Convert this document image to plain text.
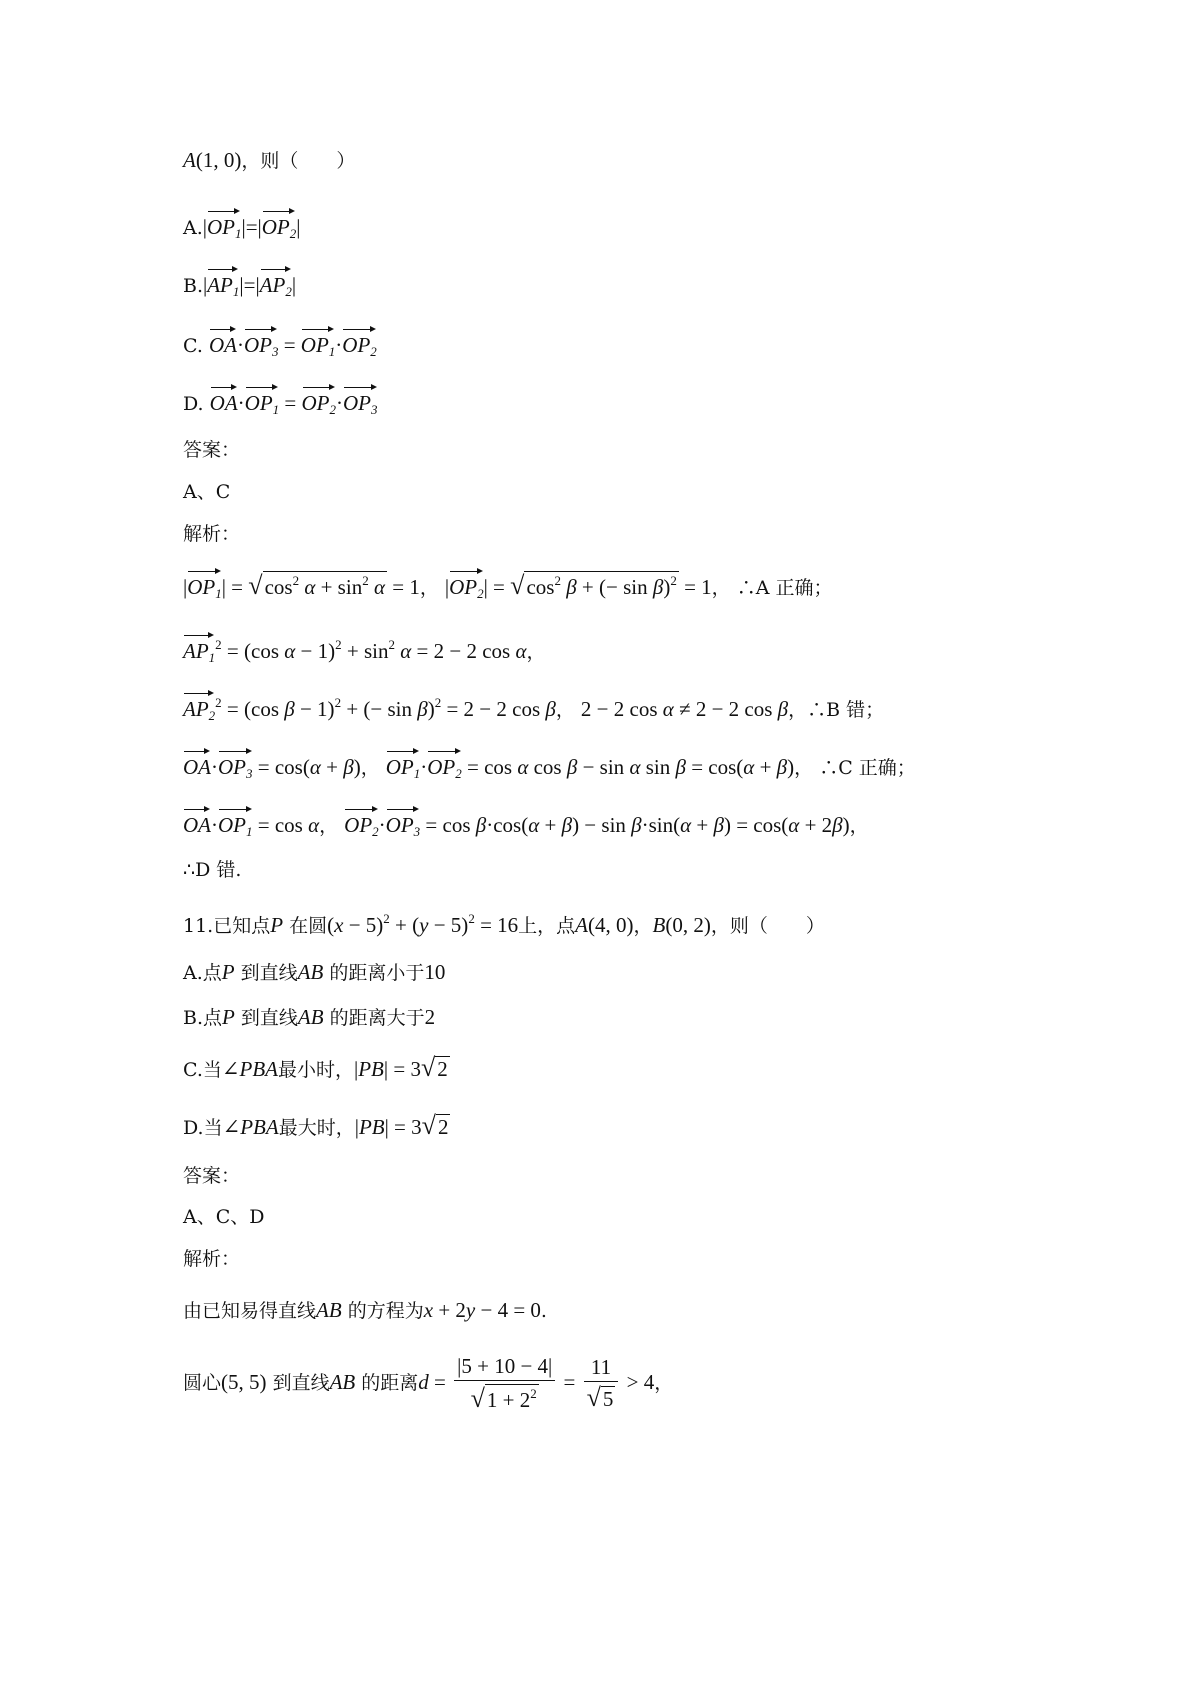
A(1, 0)，则（　　）
$A.|OP_1|=|OP_2|$
$B.|AP_1|=|AP_2|$
C. $OA\cdot OP_3 = OP_1\cdot OP_2$
D. $OA\cdot OP_1 = OP_2\cdot OP_3$
答案：
A、C
解析：
$|OP_1| = √\cos^2$ $\alpha + \sin^2 \alpha = 1$， $|OP_2| = √\cos^2$ β + (− sin β)$^2$ = 1， ∴A 正确；
$AP_1^2 = (\cos$ $\alpha - 1)^2 + \sin^2 \alpha = 2 - 2$ cos α，
$AP_2^2 = (\cos$ β − 1)$^2$ + (− sin β)$^2$ = 2 − 2 cos β， 2 − 2 cos α ≠ 2 − 2 cos β，∴B 错；
$OA\cdot OP_3 = \cos(\alpha + \beta)$， $OP_1\cdot OP_2 = \cos \alpha$ cos β − sin α sin β = cos(α + β)， ∴C 正确；
$OA\cdot OP_1 = \cos \alpha$， $OP_2\cdot OP_3 = \cos \beta\cdot\cos(\alpha + \beta) - \sin \beta\cdot\sin(\alpha + \beta) = \cos(\alpha + 2\beta)$，
∴D 错.
11.已知点P 在圆$(x - 5)^2 + (y - 5)^2 = 16$上，点A(4, 0)，B(0, 2)，则（　　）
A.点P 到直线AB 的距离小于10
B.点P 到直线AB 的距离大于2
C.当∠PBA最小时，|PB| = 3√2
D.当∠PBA最大时，|PB| = 3√2
答案：
A、C、D
解析：
由已知易得直线AB 的方程为x + 2y − 4 = 0.
圆心(5, 5) 到直线AB 的距离$d = \frac{|5 + 10 - 4|}{√1 + 2^2} = \frac{11}{√5} > 4$，
